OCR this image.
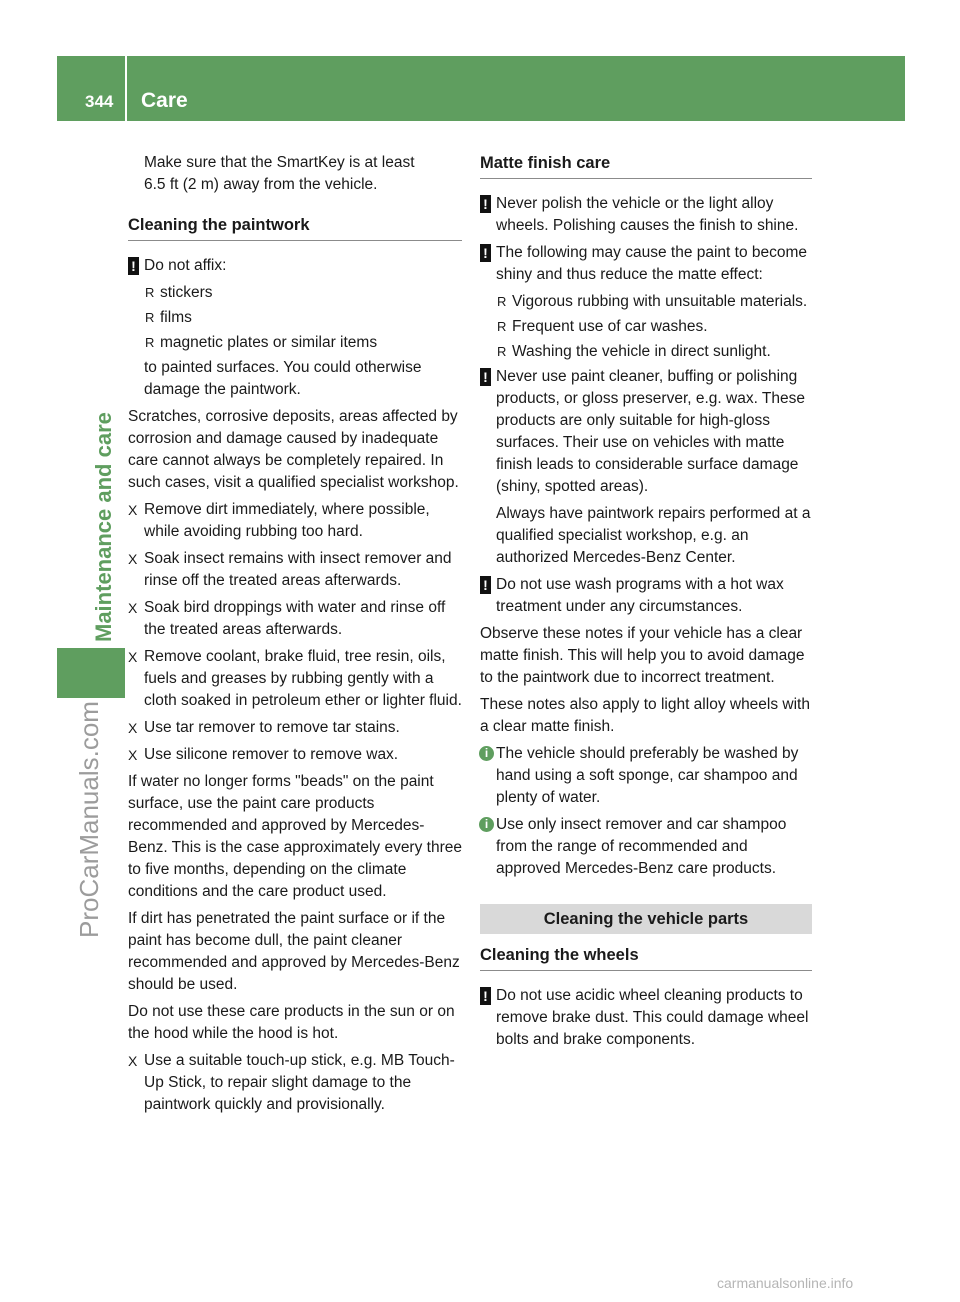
344 Care
Maintenance and care
ProCarManuals.com

Make sure that the SmartKey is at least
6.5 ft (2 m) away from the vehicle.

Cleaning the paintwork
! Do not affix:
R stickers
R films
R magnetic plates or similar items

to painted surfaces. You could otherwise damage the paintwork.

Scratches, corrosive deposits, areas affected by corrosion and damage caused by inadequate care cannot always be completely repaired. In such cases, visit a qualified specialist workshop.

X Remove dirt immediately, where possible, while avoiding rubbing too hard.
X Soak insect remains with insect remover and rinse off the treated areas afterwards.
X Soak bird droppings with water and rinse off the treated areas afterwards.
X Remove coolant, brake fluid, tree resin, oils, fuels and greases by rubbing gently with a cloth soaked in petroleum ether or lighter fluid.
X Use tar remover to remove tar stains.
X Use silicone remover to remove wax.

If water no longer forms "beads" on the paint surface, use the paint care products recommended and approved by Mercedes-Benz. This is the case approximately every three to five months, depending on the climate conditions and the care product used.

If dirt has penetrated the paint surface or if the paint has become dull, the paint cleaner recommended and approved by Mercedes-Benz should be used.

Do not use these care products in the sun or on the hood while the hood is hot.

X Use a suitable touch-up stick, e.g. MB Touch-Up Stick, to repair slight damage to the paintwork quickly and provisionally.
Matte finish care
! Never polish the vehicle or the light alloy wheels. Polishing causes the finish to shine.
! The following may cause the paint to become shiny and thus reduce the matte effect:
R Vigorous rubbing with unsuitable materials.
R Frequent use of car washes.
R Washing the vehicle in direct sunlight.
! Never use paint cleaner, buffing or polishing products, or gloss preserver, e.g. wax. These products are only suitable for high-gloss surfaces. Their use on vehicles with matte finish leads to considerable surface damage (shiny, spotted areas).

Always have paintwork repairs performed at a qualified specialist workshop, e.g. an authorized Mercedes-Benz Center.

! Do not use wash programs with a hot wax treatment under any circumstances.

Observe these notes if your vehicle has a clear matte finish. This will help you to avoid damage to the paintwork due to incorrect treatment.

These notes also apply to light alloy wheels with a clear matte finish.

i The vehicle should preferably be washed by hand using a soft sponge, car shampoo and plenty of water.
i Use only insect remover and car shampoo from the range of recommended and approved Mercedes-Benz care products.
Cleaning the vehicle parts
Cleaning the wheels
! Do not use acidic wheel cleaning products to remove brake dust. This could damage wheel bolts and brake components.
carmanualsonline.info
